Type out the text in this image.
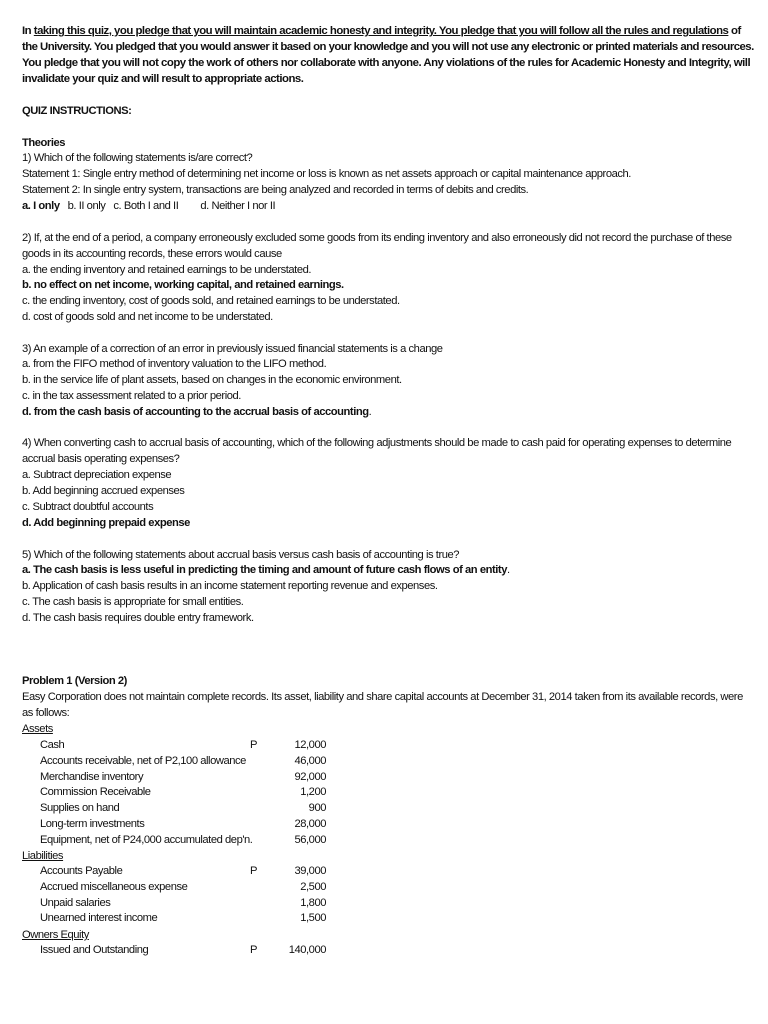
In taking this quiz, you pledge that you will maintain academic honesty and integrity. You pledge that you will follow all the rules and regulations of
the University. You pledged that you would answer it based on your knowledge and you will not use any electronic or printed materials and resources.
You pledge that you will not copy the work of others nor collaborate with anyone. Any violations of the rules for Academic Honesty and Integrity, will
invalidate your quiz and will result to appropriate actions.
QUIZ INSTRUCTIONS:
Theories
1) Which of the following statements is/are correct?
Statement 1: Single entry method of determining net income or loss is known as net assets approach or capital maintenance approach.
Statement 2: In single entry system, transactions are being analyzed and recorded in terms of debits and credits.
a. I only b. II only c. Both I and II d. Neither I nor II
2) If, at the end of a period, a company erroneously excluded some goods from its ending inventory and also erroneously did not record the purchase of these
goods in its accounting records, these errors would cause
a. the ending inventory and retained earnings to be understated.
b. no effect on net income, working capital, and retained earnings.
c. the ending inventory, cost of goods sold, and retained earnings to be understated.
d. cost of goods sold and net income to be understated.
3) An example of a correction of an error in previously issued financial statements is a change
a. from the FIFO method of inventory valuation to the LIFO method.
b. in the service life of plant assets, based on changes in the economic environment.
c. in the tax assessment related to a prior period.
d. from the cash basis of accounting to the accrual basis of accounting.
4) When converting cash to accrual basis of accounting, which of the following adjustments should be made to cash paid for operating expenses to determine
accrual basis operating expenses?
a. Subtract depreciation expense
b. Add beginning accrued expenses
c. Subtract doubtful accounts
d. Add beginning prepaid expense
5) Which of the following statements about accrual basis versus cash basis of accounting is true?
a. The cash basis is less useful in predicting the timing and amount of future cash flows of an entity.
b. Application of cash basis results in an income statement reporting revenue and expenses.
c. The cash basis is appropriate for small entities.
d. The cash basis requires double entry framework.
Problem 1 (Version 2)
Easy Corporation does not maintain complete records. Its asset, liability and share capital accounts at December 31, 2014 taken from its available records, were
as follows:
Assets
Cash	P	12,000
Accounts receivable, net of P2,100 allowance	46,000
Merchandise inventory	92,000
Commission Receivable	1,200
Supplies on hand	900
Long-term investments	28,000
Equipment, net of P24,000 accumulated dep'n.	56,000
Liabilities
Accounts Payable	P	39,000
Accrued miscellaneous expense	2,500
Unpaid salaries	1,800
Unearned interest income	1,500
Owners Equity
Issued and Outstanding	P	140,000
